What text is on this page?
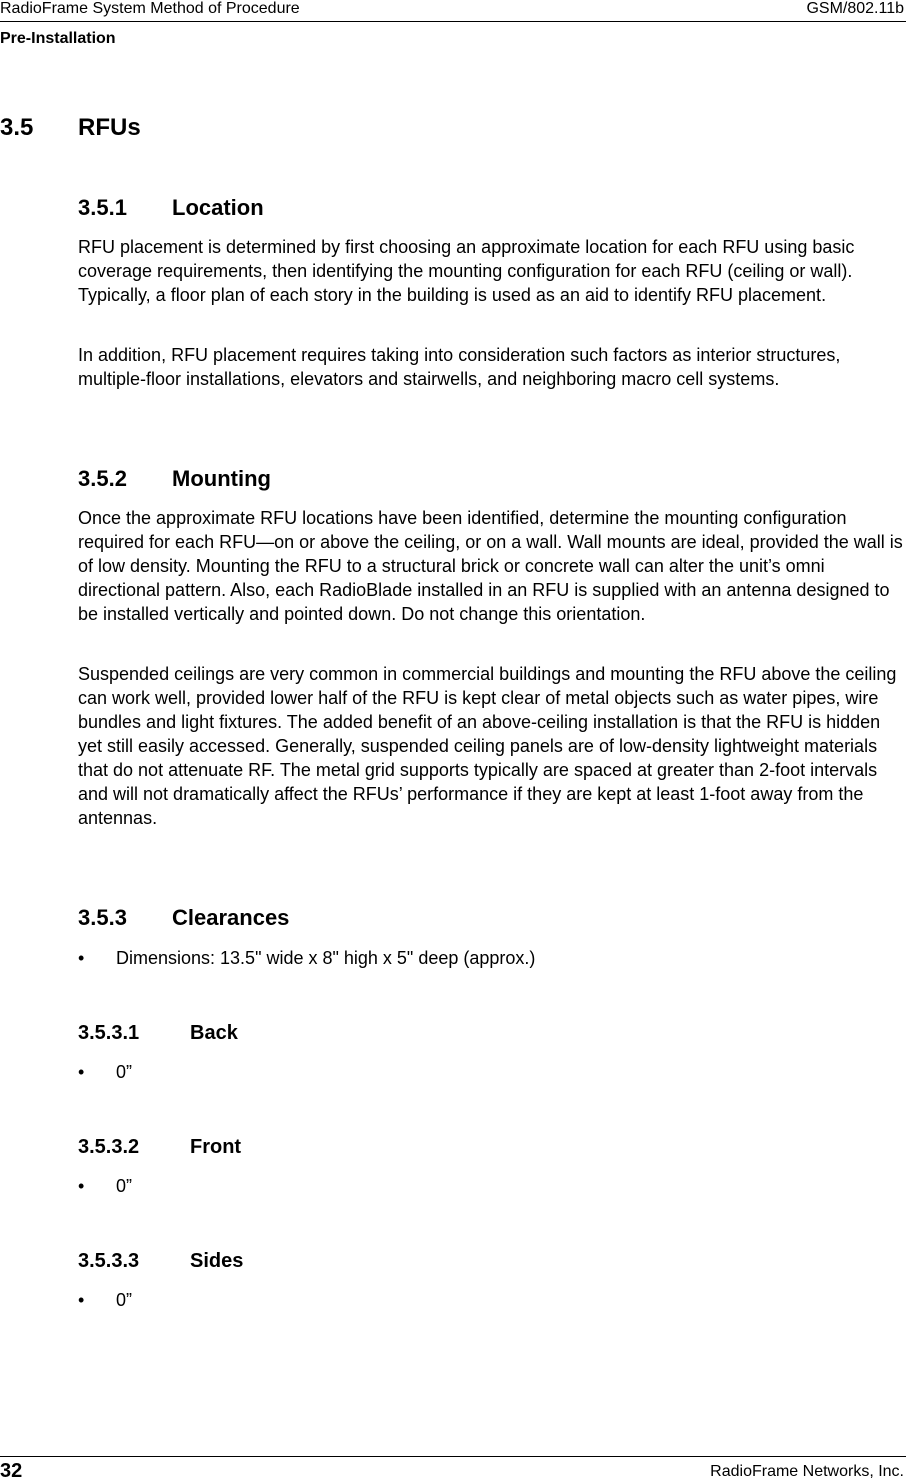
RadioFrame System Method of Procedure	GSM/802.11b
Pre-Installation
3.5 RFUs
3.5.1 Location

RFU placement is determined by first choosing an approximate location for each RFU using basic coverage requirements, then identifying the mounting configuration for each RFU (ceiling or wall). Typically, a floor plan of each story in the building is used as an aid to identify RFU placement.

In addition, RFU placement requires taking into consideration such factors as interior structures, multiple-floor installations, elevators and stairwells, and neighboring macro cell systems.

3.5.2 Mounting

Once the approximate RFU locations have been identified, determine the mounting configuration required for each RFU—on or above the ceiling, or on a wall. Wall mounts are ideal, provided the wall is of low density. Mounting the RFU to a structural brick or concrete wall can alter the unit’s omni directional pattern. Also, each RadioBlade installed in an RFU is supplied with an antenna designed to be installed vertically and pointed down. Do not change this orientation.

Suspended ceilings are very common in commercial buildings and mounting the RFU above the ceiling can work well, provided lower half of the RFU is kept clear of metal objects such as water pipes, wire bundles and light fixtures. The added benefit of an above-ceiling installation is that the RFU is hidden yet still easily accessed. Generally, suspended ceiling panels are of low-density lightweight materials that do not attenuate RF. The metal grid supports typically are spaced at greater than 2-foot intervals and will not dramatically affect the RFUs’ performance if they are kept at least 1-foot away from the antennas.

3.5.3 Clearances
• Dimensions: 13.5" wide x 8" high x 5" deep (approx.)
3.5.3.1	Back
• 0”
3.5.3.2	Front
• 0”
3.5.3.3	Sides
• 0”
32	RadioFrame Networks, Inc.
